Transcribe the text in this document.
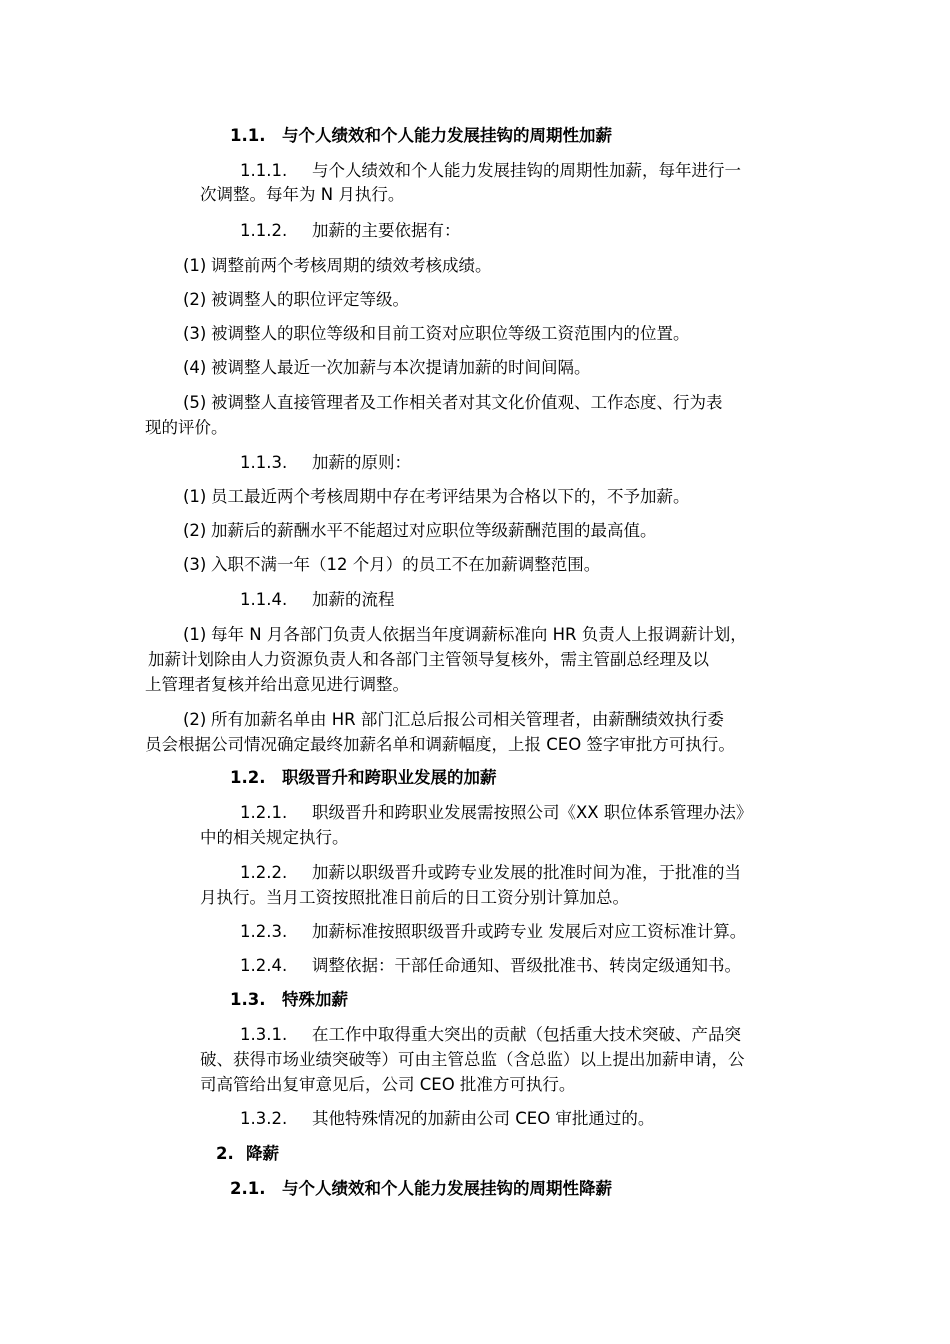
1.1. 与个人绩效和个人能力发展挂钩的周期性加薪
1.1.1. 与个人绩效和个人能力发展挂钩的周期性加薪，每年进行一
次调整。每年为 N 月执行。
1.1.2. 加薪的主要依据有：
(1) 调整前两个考核周期的绩效考核成绩。
(2) 被调整人的职位评定等级。
(3) 被调整人的职位等级和目前工资对应职位等级工资范围内的位置。
(4) 被调整人最近一次加薪与本次提请加薪的时间间隔。
(5) 被调整人直接管理者及工作相关者对其文化价值观、工作态度、行为表
现的评价。
1.1.3. 加薪的原则：
(1) 员工最近两个考核周期中存在考评结果为合格以下的，不予加薪。
(2) 加薪后的薪酬水平不能超过对应职位等级薪酬范围的最高值。
(3) 入职不满一年（12 个月）的员工不在加薪调整范围。
1.1.4. 加薪的流程
(1) 每年 N 月各部门负责人依据当年度调薪标准向 HR 负责人上报调薪计划，
加薪计划除由人力资源负责人和各部门主管领导复核外，需主管副总经理及以
上管理者复核并给出意见进行调整。
(2) 所有加薪名单由 HR 部门汇总后报公司相关管理者，由薪酬绩效执行委
员会根据公司情况确定最终加薪名单和调薪幅度，上报 CEO 签字审批方可执行。
1.2. 职级晋升和跨职业发展的加薪
1.2.1. 职级晋升和跨职业发展需按照公司《XX 职位体系管理办法》
中的相关规定执行。
1.2.2. 加薪以职级晋升或跨专业发展的批准时间为准，于批准的当
月执行。当月工资按照批准日前后的日工资分别计算加总。
1.2.3. 加薪标准按照职级晋升或跨专业 发展后对应工资标准计算。
1.2.4. 调整依据：干部任命通知、晋级批准书、转岗定级通知书。
1.3. 特殊加薪
1.3.1. 在工作中取得重大突出的贡献（包括重大技术突破、产品突
破、获得市场业绩突破等）可由主管总监（含总监）以上提出加薪申请，公
司高管给出复审意见后，公司 CEO 批准方可执行。
1.3.2. 其他特殊情况的加薪由公司 CEO 审批通过的。
2. 降薪
2.1. 与个人绩效和个人能力发展挂钩的周期性降薪
